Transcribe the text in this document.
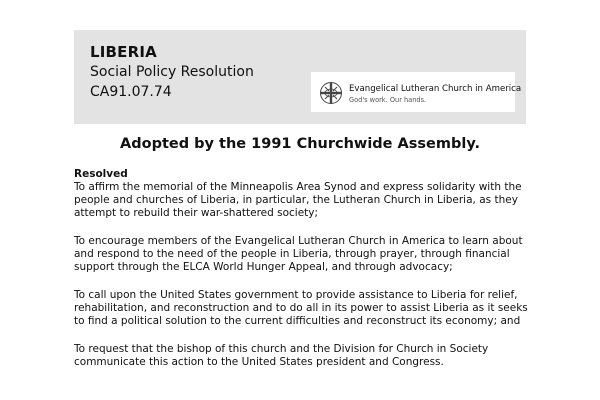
LIBERIA
Social Policy Resolution
CA91.07.74	Evangelical Lutheran Church in America
God's work. Our hands.
Adopted by the 1991 Churchwide Assembly.
Resolved

To affirm the memorial of the Minneapolis Area Synod and express solidarity with the people and churches of Liberia, in particular, the Lutheran Church in Liberia, as they attempt to rebuild their war-shattered society;

To encourage members of the Evangelical Lutheran Church in America to learn about and respond to the need of the people in Liberia, through prayer, through financial support through the ELCA World Hunger Appeal, and through advocacy;

To call upon the United States government to provide assistance to Liberia for relief, rehabilitation, and reconstruction and to do all in its power to assist Liberia as it seeks to find a political solution to the current difficulties and reconstruct its economy; and

To request that the bishop of this church and the Division for Church in Society communicate this action to the United States president and Congress.
